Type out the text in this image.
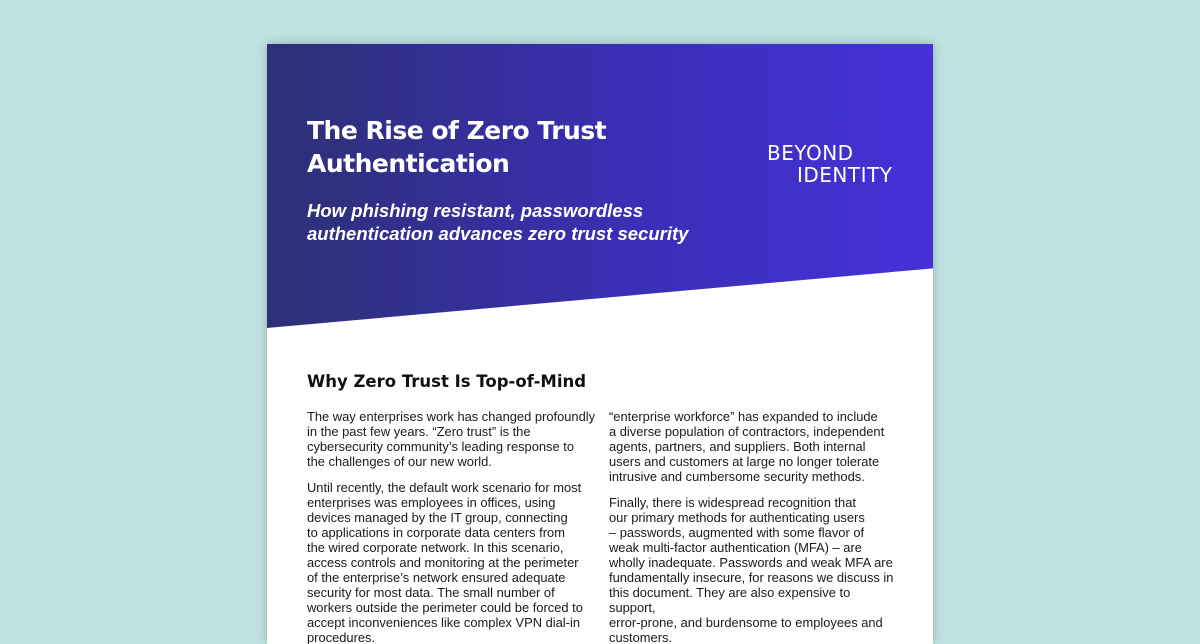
The Rise of Zero Trust
Authentication
How phishing resistant, passwordless
authentication advances zero trust security
BEYOND
IDENTITY
Why Zero Trust Is Top-of-Mind

The way enterprises work has changed profoundly
in the past few years. “Zero trust” is the
cybersecurity community’s leading response to
the challenges of our new world.

Until recently, the default work scenario for most
enterprises was employees in offices, using
devices managed by the IT group, connecting
to applications in corporate data centers from
the wired corporate network. In this scenario,
access controls and monitoring at the perimeter
of the enterprise’s network ensured adequate
security for most data. The small number of
workers outside the perimeter could be forced to
accept inconveniences like complex VPN dial-in
procedures.

“enterprise workforce” has expanded to include
a diverse population of contractors, independent
agents, partners, and suppliers. Both internal
users and customers at large no longer tolerate
intrusive and cumbersome security methods.

Finally, there is widespread recognition that
our primary methods for authenticating users
– passwords, augmented with some flavor of
weak multi-factor authentication (MFA) – are
wholly inadequate. Passwords and weak MFA are
fundamentally insecure, for reasons we discuss in
this document. They are also expensive to support,
error-prone, and burdensome to employees and
customers.
